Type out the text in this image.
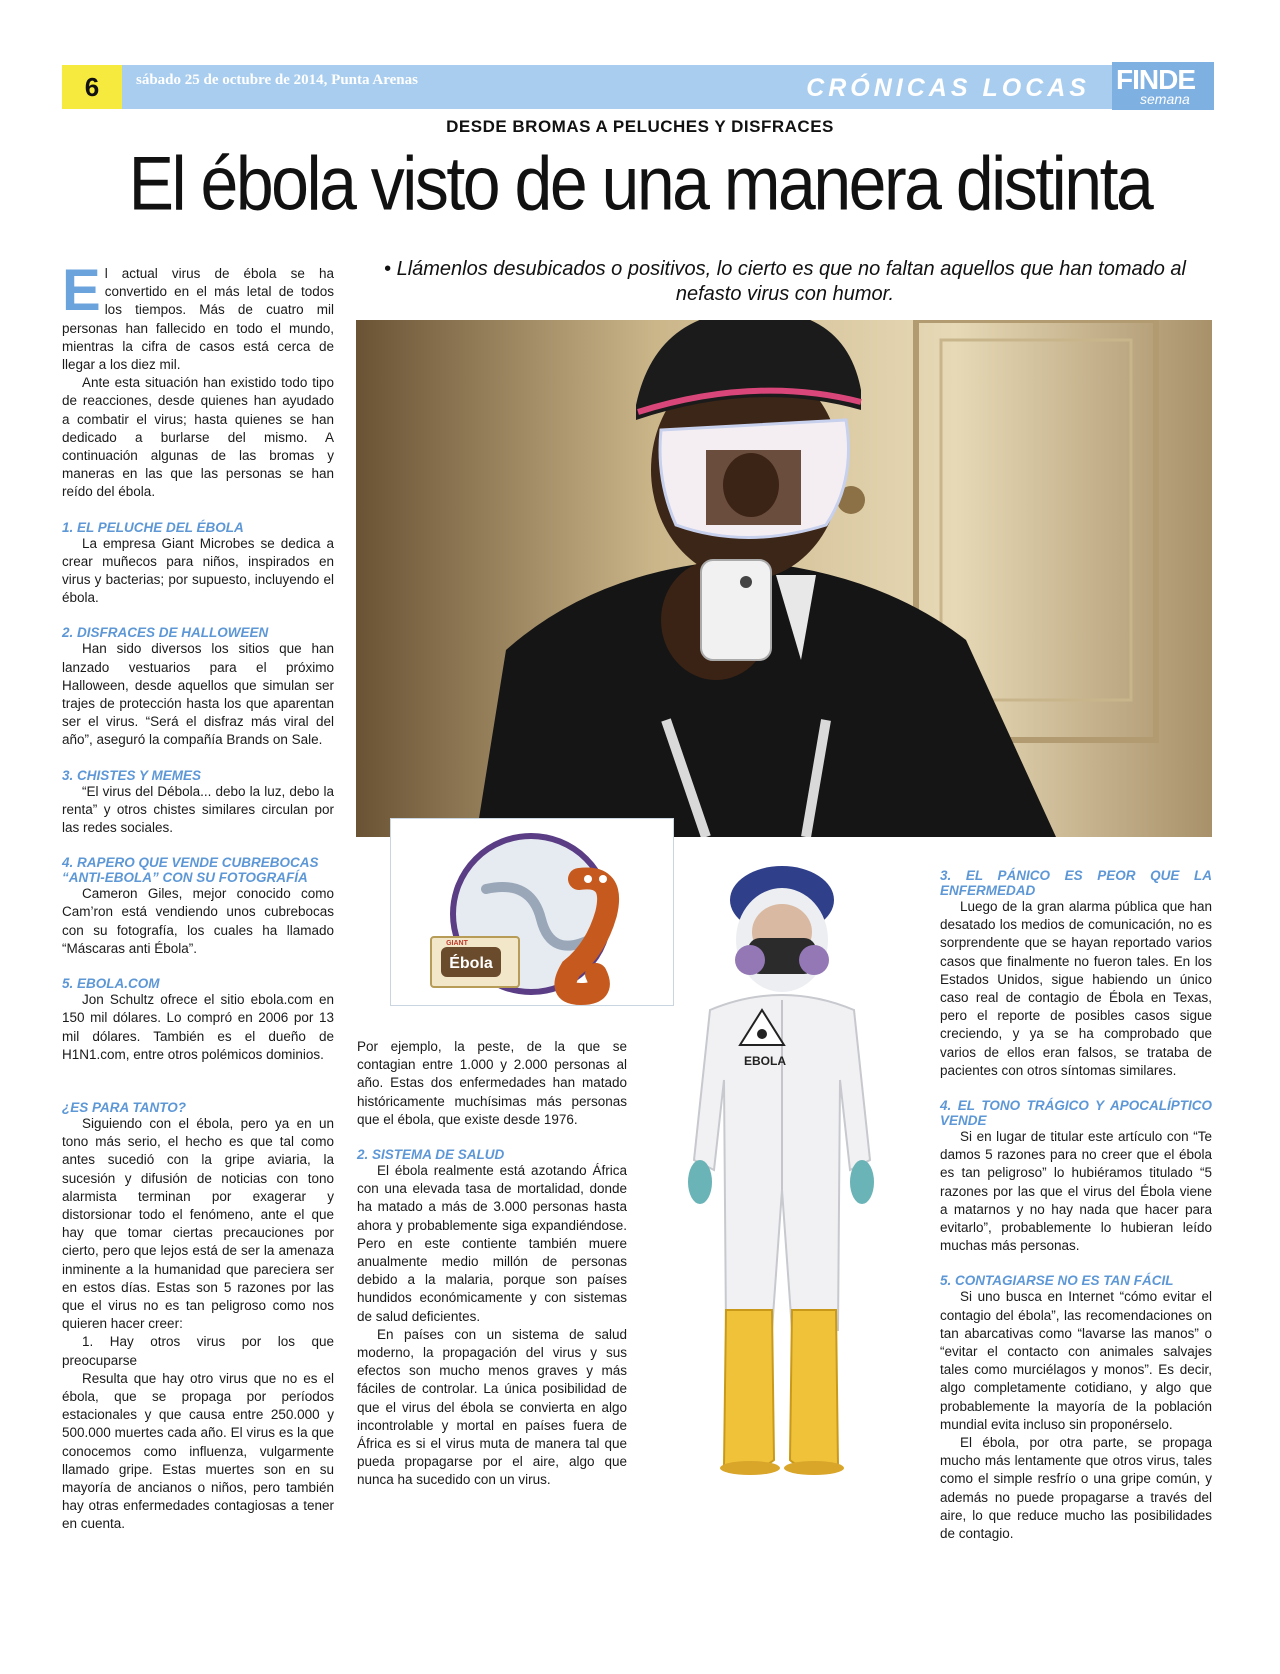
6	sábado 25 de octubre de 2014, Punta Arenas	CRÓNICAS LOCAS FINDE
semana
DESDE BROMAS A PELUCHES Y DISFRACES
El ébola visto de una manera distinta
• Llámenlos desubicados o positivos, lo cierto es que no faltan aquellos que han tomado al nefasto virus con humor.

El actual virus de ébola se ha convertido en el más letal de todos los tiempos. Más de cuatro mil personas han fallecido en todo el mundo, mientras la cifra de casos está cerca de llegar a los diez mil.

Ante esta situación han existido todo tipo de reacciones, desde quienes han ayudado a combatir el virus; hasta quienes se han dedicado a burlarse del mismo. A continuación algunas de las bromas y maneras en las que las personas se han reído del ébola.

1. EL PELUCHE DEL ÉBOLA

La empresa Giant Microbes se dedica a crear muñecos para niños, inspirados en virus y bacterias; por supuesto, incluyendo el ébola.

2. DISFRACES DE HALLOWEEN

Han sido diversos los sitios que han lanzado vestuarios para el próximo Halloween, desde aquellos que simulan ser trajes de protección hasta los que aparentan ser el virus. “Será el disfraz más viral del año”, aseguró la compañía Brands on Sale.

3. CHISTES Y MEMES

“El virus del Débola... debo la luz, debo la renta” y otros chistes similares circulan por las redes sociales.

4. RAPERO QUE VENDE CUBREBOCAS
“ANTI-EBOLA” CON SU FOTOGRAFÍA

Cameron Giles, mejor conocido como Cam’ron está vendiendo unos cubrebocas con su fotografía, los cuales ha llamado “Máscaras anti Ébola”.

5. EBOLA.COM

Jon Schultz ofrece el sitio ebola.com en 150 mil dólares. Lo compró en 2006 por 13 mil dólares. También es el dueño de H1N1.com, entre otros polémicos dominios.

¿ES PARA TANTO?

Siguiendo con el ébola, pero ya en un tono más serio, el hecho es que tal como antes sucedió con la gripe aviaria, la sucesión y difusión de noticias con tono alarmista terminan por exagerar y distorsionar todo el fenómeno, ante el que hay que tomar ciertas precauciones por cierto, pero que lejos está de ser la amenaza inminente a la humanidad que pareciera ser en estos días. Estas son 5 razones por las que el virus no es tan peligroso como nos quieren hacer creer:

1. Hay otros virus por los que preocuparse

Resulta que hay otro virus que no es el ébola, que se propaga por períodos estacionales y que causa entre 250.000 y 500.000 muertes cada año. El virus es la que conocemos como influenza, vulgarmente llamado gripe. Estas muertes son en su mayoría de ancianos o niños, pero también hay otras enfermedades contagiosas a tener en cuenta.

Ébola
GIANT

Por ejemplo, la peste, de la que se contagian entre 1.000 y 2.000 personas al año. Estas dos enfermedades han matado históricamente muchísimas más personas que el ébola, que existe desde 1976.

2. SISTEMA DE SALUD

El ébola realmente está azotando África con una elevada tasa de mortalidad, donde ha matado a más de 3.000 personas hasta ahora y probablemente siga expandiéndose. Pero en este contiente también muere anualmente medio millón de personas debido a la malaria, porque son países hundidos económicamente y con sistemas de salud deficientes.

En países con un sistema de salud moderno, la propagación del virus y sus efectos son mucho menos graves y más fáciles de controlar. La única posibilidad de que el virus del ébola se convierta en algo incontrolable y mortal en países fuera de África es si el virus muta de manera tal que pueda propagarse por el aire, algo que nunca ha sucedido con un virus.

EBOLA
3. EL PÁNICO ES PEOR QUE LA ENFERMEDAD

Luego de la gran alarma pública que han desatado los medios de comunicación, no es sorprendente que se hayan reportado varios casos que finalmente no fueron tales. En los Estados Unidos, sigue habiendo un único caso real de contagio de Ébola en Texas, pero el reporte de posibles casos sigue creciendo, y ya se ha comprobado que varios de ellos eran falsos, se trataba de pacientes con otros síntomas similares.

4. EL TONO TRÁGICO Y APOCALÍPTICO VENDE

Si en lugar de titular este artículo con “Te damos 5 razones para no creer que el ébola es tan peligroso” lo hubiéramos titulado “5 razones por las que el virus del Ébola viene a matarnos y no hay nada que hacer para evitarlo”, probablemente lo hubieran leído muchas más personas.

5. CONTAGIARSE NO ES TAN FÁCIL

Si uno busca en Internet “cómo evitar el contagio del ébola”, las recomendaciones on tan abarcativas como “lavarse las manos” o “evitar el contacto con animales salvajes tales como murciélagos y monos”. Es decir, algo completamente cotidiano, y algo que probablemente la mayoría de la población mundial evita incluso sin proponérselo.

El ébola, por otra parte, se propaga mucho más lentamente que otros virus, tales como el simple resfrío o una gripe común, y además no puede propagarse a través del aire, lo que reduce mucho las posibilidades de contagio.
